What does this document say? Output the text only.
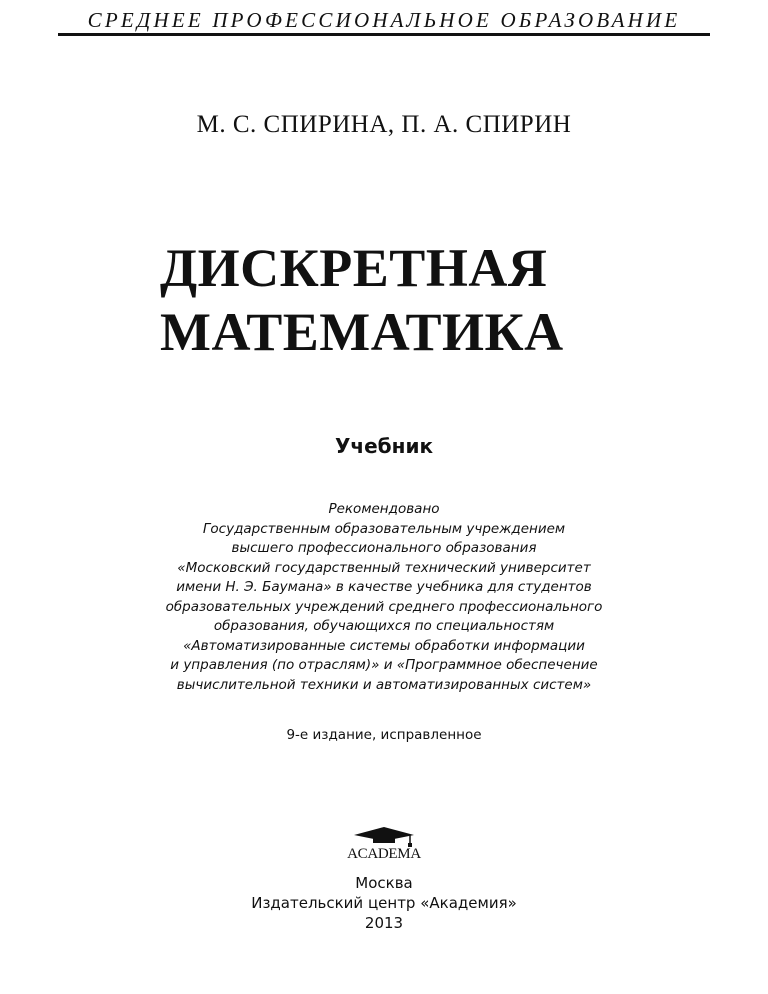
СРЕДНЕЕ ПРОФЕССИОНАЛЬНОЕ ОБРАЗОВАНИЕ
М. С. СПИРИНА, П. А. СПИРИН
ДИСКРЕТНАЯ
МАТЕМАТИКА
Учебник
Рекомендовано
Государственным образовательным учреждением
высшего профессионального образования
«Московский государственный технический университет
имени Н. Э. Баумана» в качестве учебника для студентов
образовательных учреждений среднего профессионального
образования, обучающихся по специальностям
«Автоматизированные системы обработки информации
и управления (по отраслям)» и «Программное обеспечение
вычислительной техники и автоматизированных систем»
9-е издание, исправленное
ACADEMA
Москва
Издательский центр «Академия»
2013
